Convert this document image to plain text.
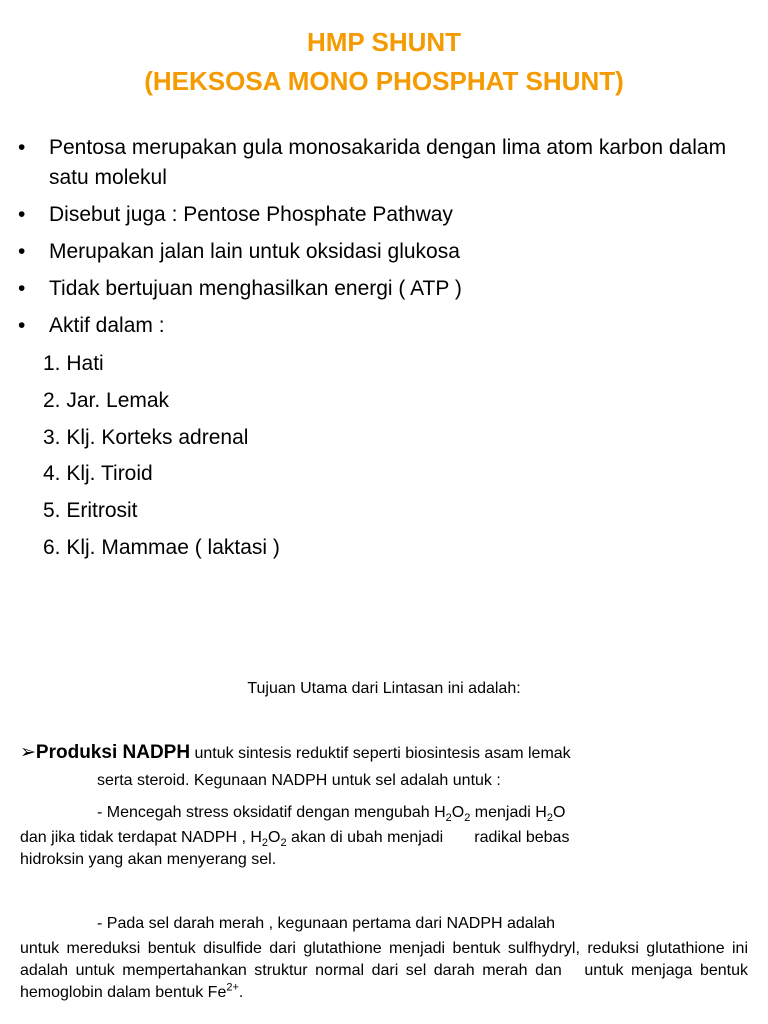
HMP SHUNT
(HEKSOSA MONO PHOSPHAT SHUNT)
•	Pentosa merupakan gula monosakarida dengan lima atom karbon dalam satu molekul
•	Disebut juga : Pentose Phosphate Pathway
•	Merupakan jalan lain untuk oksidasi glukosa
•	Tidak bertujuan menghasilkan energi ( ATP )
•	Aktif dalam :
1. Hati
2. Jar. Lemak
3. Klj. Korteks adrenal
4. Klj. Tiroid
5. Eritrosit
6. Klj. Mammae ( laktasi )
Tujuan Utama dari Lintasan ini adalah:
➢Produksi NADPH untuk sintesis reduktif seperti biosintesis asam lemak
serta steroid. Kegunaan NADPH untuk sel adalah untuk :
- Mencegah stress oksidatif dengan mengubah $H_2O_2$ menjadi $H_2O$
dan jika tidak terdapat NADPH , $H_2O_2$ akan di ubah menjadi       radikal bebas
hidroksin yang akan menyerang sel.
- Pada sel darah merah , kegunaan pertama dari NADPH adalah
untuk mereduksi bentuk disulfide dari glutathione menjadi bentuk sulfhydryl, reduksi glutathione ini adalah untuk mempertahankan struktur normal dari sel darah merah dan   untuk menjaga bentuk hemoglobin dalam bentuk $Fe^{2+}$.
